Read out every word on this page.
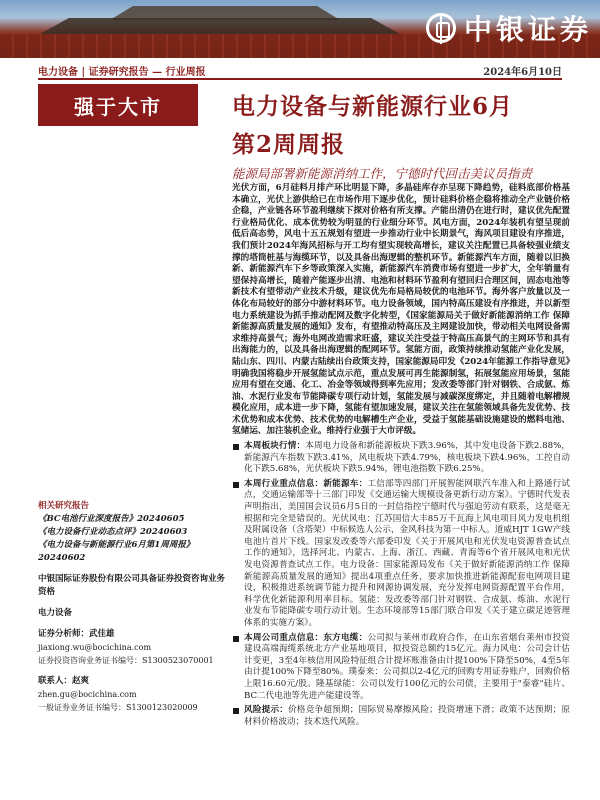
中银证券
电力设备 | 证券研究报告 — 行业周报	2024年6月10日
强于大市	电力设备与新能源行业6月
第2周周报
能源局部署新能源消纳工作，宁德时代回击美议员指责

光伏方面，6月硅料月排产环比明显下降，多晶硅库存亦呈现下降趋势，硅料底部价格基本确立，光伏上游供给已在市场作用下逐步优化，预计硅料价格企稳将推动全产业链价格企稳，产业链各环节盈利继续下探对价格有所支撑。产能出清仍在进行时，建议优先配置行业格局优化、成本优势较为明显的行业细分环节。风电方面，2024年装机有望呈现前低后高态势，风电十五五规划有望进一步推动行业中长期景气，海风项目建设有序推进，我们预计2024年海风招标与开工均有望实现较高增长，建议关注配置已具备较强业绩支撑的塔筒桩基与海缆环节，以及具备出海逻辑的整机环节。新能源汽车方面，随着以旧换新、新能源汽车下乡等政策深入实施，新能源汽车消费市场有望进一步扩大，全年销量有望保持高增长，随着产能逐步出清、电池和材料环节盈利有望回归合理区间，固态电池等新技术有望带动产业技术升级，建议优先布局格局较优的电池环节。海外客户放量以及一体化布局较好的部分中游材料环节。电力设备领域，国内特高压建设有序推进，并以新型电力系统建设为抓手推动配网及数字化转型，《国家能源局关于做好新能源消纳工作 保障新能源高质量发展的通知》发布，有望推动特高压及主网建设加快，带动相关电网设备需求维持高景气；海外电网改造需求旺盛，建议关注受益于特高压高景气的主网环节和具有出海能力的，以及具备出海逻辑的配网环节。氢能方面，政策持续推动氢能产业化发展，陆山东、四川、内蒙古陆续出台政策支持，国家能源局印发《2024年能源工作指导意见》明确我国将稳步开展氢能试点示范，重点发展可再生能源制氢，拓展氢能应用场景，氢能应用有望在交通、化工、冶金等领域得到率先应用；发改委等部门针对钢铁、合成氨、炼油、水泥行业发布节能降碳专项行动计划，氢能发展与减碳深度绑定，并且随着电解槽规模化应用，成本进一步下降，氢能有望加速发展，建议关注在氢能领域具备先发优势、技术优势和成本优势、技术优势的电解槽生产企业，受益于氢能基础设施建设的燃料电池、氢储运、加注装机企业。维持行业强于大市评级。

本周板块行情：本周电力设备和新能源板块下跌3.96%，其中发电设备下跌2.88%，新能源汽车指数下跌3.41%，风电板块下跌4.79%，核电板块下跌4.96%，工控自动化下跌5.68%，光伏板块下跌5.94%，锂电池指数下跌6.25%。
本周行业重点信息：新能源车：工信部等四部门开展智能网联汽车准入和上路通行试点，交通运输部等十三部门印发《交通运输大规模设备更新行动方案》。宁德时代发表声明指出，美国国会议员6月5日的一封信指控宁德时代与强迫劳动有联系，这是毫无根据和完全是错误的。光伏风电：江苏国信大丰85万千瓦海上风电项目风力发电机组及附属设备（含塔架）中标候选人公示，金风科技为第一中标人。道威HJT 1GW产线电池片首片下线。国家发改委等六部委印发《关于开展风电和光伏发电资源普查试点工作的通知》，选择河北、内蒙古、上海、浙江、西藏、青海等6个省开展风电和光伏发电资源普查试点工作。电力设备：国家能源局发布《关于做好新能源消纳工作 保障新能源高质量发展的通知》提出4项重点任务，要求加快推进新能源配套电网项目建设，积极推进系统调节能力提升和网源协调发展，充分发挥电网资源配置平台作用，科学优化新能源利用率目标。氢能：发改委等部门针对钢铁、合成氨、炼油、水泥行业发布节能降碳专项行动计划。生态环境部等15部门联合印发《关于建立碳足迹管理体系的实施方案》。
本周公司重点信息：东方电缆：公司拟与莱州市政府合作，在山东省烟台莱州市投资建设高端海缆系统北方产业基地项目，拟投资总额约15亿元。海力风电：公司会计估计变更，3至4年核信用风险特征组合计提坏账准备由计提100%下降至50%，4至5年由计提100%下降至80%。璞泰来：公司拟以2-4亿元的回购专用证券账户，回购价格上限16.60元/股。隆基绿能：公司以发行100亿元的公司债，主要用于"泰睿"硅片、BC二代电池等先进产能建设等。
风险提示：价格竞争超预期；国际贸易摩擦风险；投资增速下滑；政策不达预期；原材料价格波动；技术迭代风险。
相关研究报告
《BC电池行业深度报告》20240605
《电力设备行业动态点评》20240603
《电力设备与新能源行业6月第1周周报》20240602
中银国际证券股份有限公司具备证券投资咨询业务资格
电力设备
证券分析师：武佳雄
jiaxiong.wu@bocichina.com
证券投资咨询业务证书编号：S1300523070001
联系人：赵爽
zhen.gu@bocichina.com
一般证券业务证书编号：S1300123020009
